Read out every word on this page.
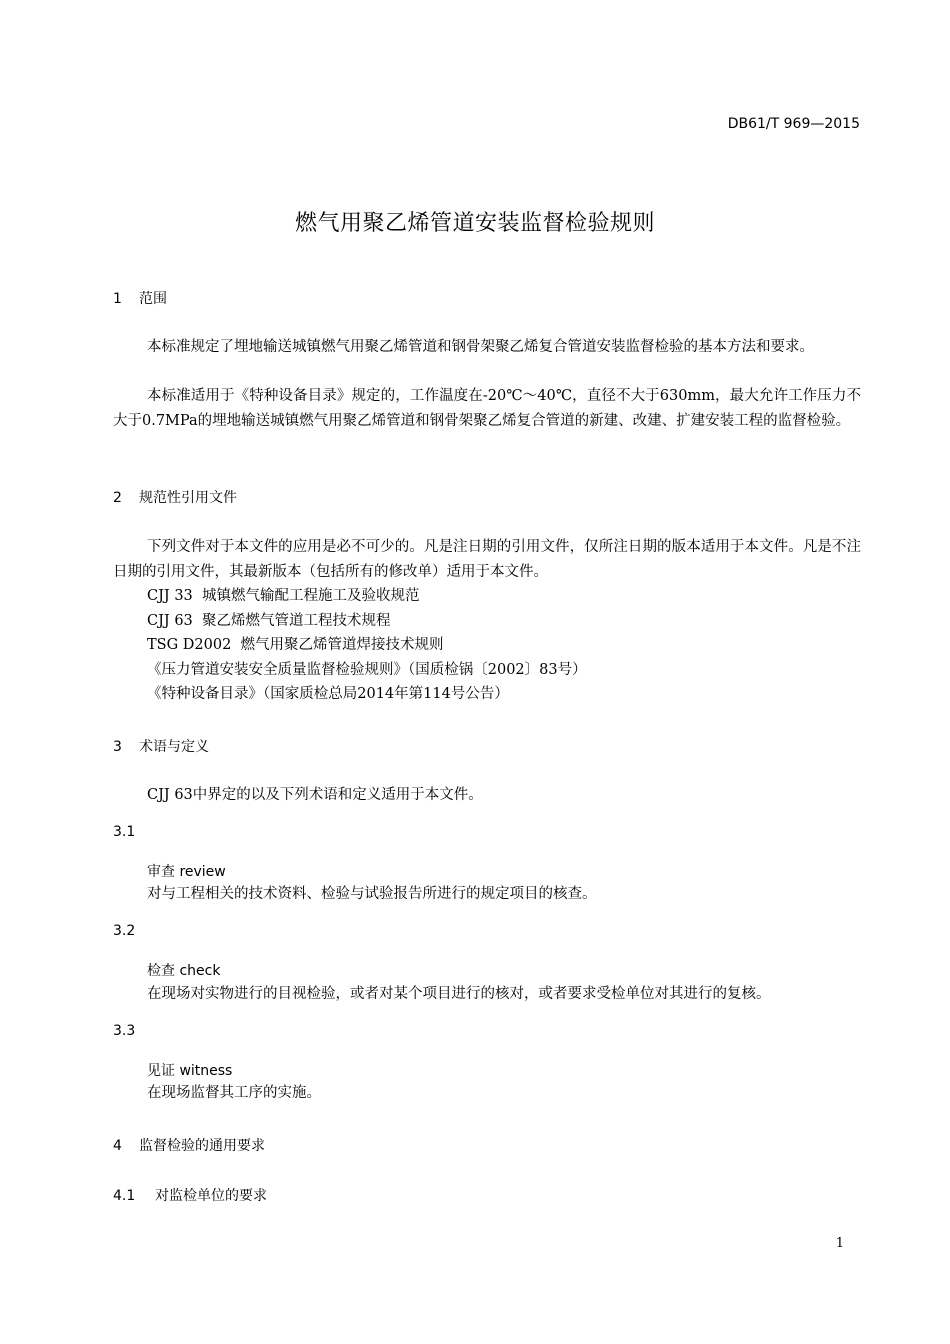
DB61/T 969—2015
燃气用聚乙烯管道安装监督检验规则
1 范围
本标准规定了埋地输送城镇燃气用聚乙烯管道和钢骨架聚乙烯复合管道安装监督检验的基本方法和要求。
本标准适用于《特种设备目录》规定的，工作温度在-20℃～40℃，直径不大于630mm，最大允许工作压力不大于0.7MPa的埋地输送城镇燃气用聚乙烯管道和钢骨架聚乙烯复合管道的新建、改建、扩建安装工程的监督检验。
2 规范性引用文件
下列文件对于本文件的应用是必不可少的。凡是注日期的引用文件，仅所注日期的版本适用于本文件。凡是不注日期的引用文件，其最新版本（包括所有的修改单）适用于本文件。
CJJ 33  城镇燃气输配工程施工及验收规范
CJJ 63  聚乙烯燃气管道工程技术规程
TSG D2002  燃气用聚乙烯管道焊接技术规则
《压力管道安装安全质量监督检验规则》（国质检锅〔2002〕83号）
《特种设备目录》（国家质检总局2014年第114号公告）
3 术语与定义
CJJ 63中界定的以及下列术语和定义适用于本文件。
3.1
审查 review
对与工程相关的技术资料、检验与试验报告所进行的规定项目的核查。
3.2
检查 check
在现场对实物进行的目视检验，或者对某个项目进行的核对，或者要求受检单位对其进行的复核。
3.3
见证 witness
在现场监督其工序的实施。
4 监督检验的通用要求
4.1 对监检单位的要求
1
